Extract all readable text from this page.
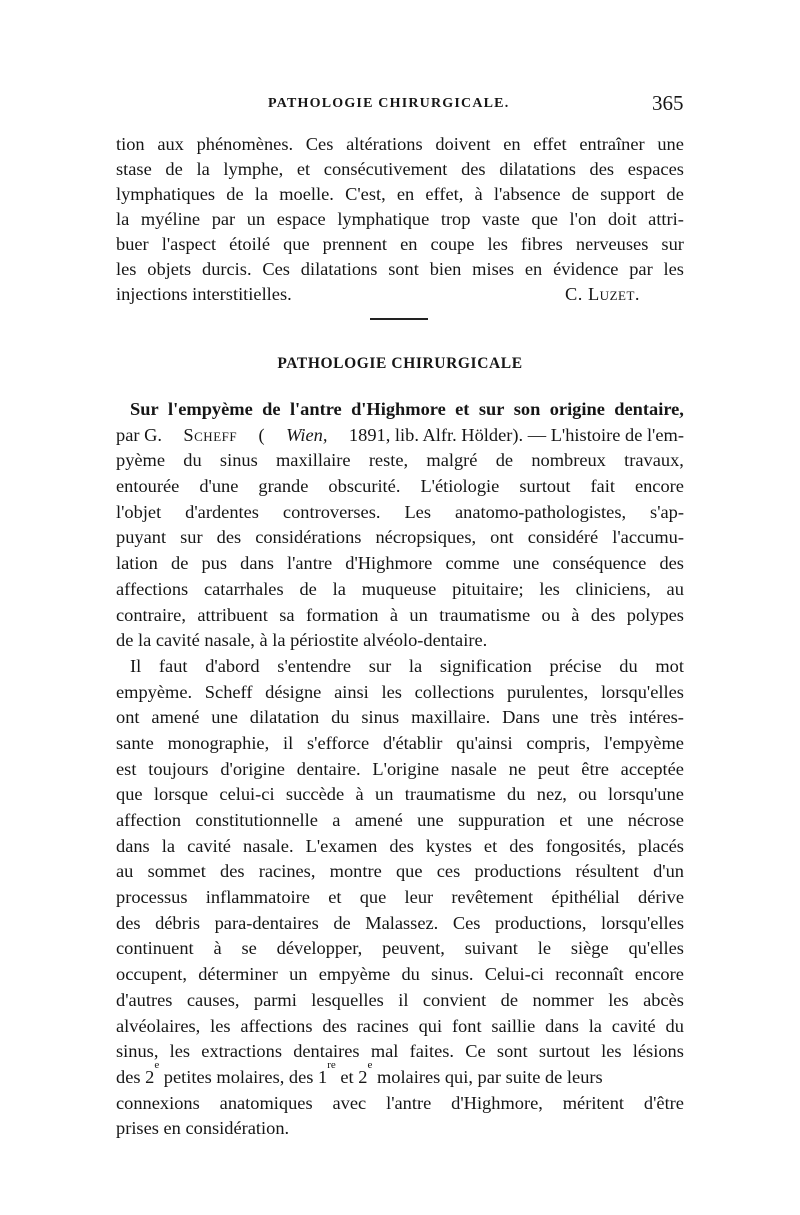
PATHOLOGIE CHIRURGICALE.	365
tion aux phénomènes. Ces altérations doivent en effet entraîner une
stase de la lymphe, et consécutivement des dilatations des espaces
lymphatiques de la moelle. C'est, en effet, à l'absence de support de
la myéline par un espace lymphatique trop vaste que l'on doit attri-
buer l'aspect étoilé que prennent en coupe les fibres nerveuses sur
les objets durcis. Ces dilatations sont bien mises en évidence par les
injections interstitielles.	C. Luzet.
PATHOLOGIE CHIRURGICALE
Sur l'empyème de l'antre d'Highmore et sur son origine dentaire,
par G. Scheff ( Wien, 1891, lib. Alfr. Hölder). — L'histoire de l'em-
pyème du sinus maxillaire reste, malgré de nombreux travaux,
entourée d'une grande obscurité. L'étiologie surtout fait encore
l'objet d'ardentes controverses. Les anatomo-pathologistes, s'ap-
puyant sur des considérations nécropsiques, ont considéré l'accumu-
lation de pus dans l'antre d'Highmore comme une conséquence des
affections catarrhales de la muqueuse pituitaire; les cliniciens, au
contraire, attribuent sa formation à un traumatisme ou à des polypes
de la cavité nasale, à la périostite alvéolo-dentaire.
Il faut d'abord s'entendre sur la signification précise du mot
empyème. Scheff désigne ainsi les collections purulentes, lorsqu'elles
ont amené une dilatation du sinus maxillaire. Dans une très intéres-
sante monographie, il s'efforce d'établir qu'ainsi compris, l'empyème
est toujours d'origine dentaire. L'origine nasale ne peut être acceptée
que lorsque celui-ci succède à un traumatisme du nez, ou lorsqu'une
affection constitutionnelle a amené une suppuration et une nécrose
dans la cavité nasale. L'examen des kystes et des fongosités, placés
au sommet des racines, montre que ces productions résultent d'un
processus inflammatoire et que leur revêtement épithélial dérive
des débris para-dentaires de Malassez. Ces productions, lorsqu'elles
continuent à se développer, peuvent, suivant le siège qu'elles
occupent, déterminer un empyème du sinus. Celui-ci reconnaît encore
d'autres causes, parmi lesquelles il convient de nommer les abcès
alvéolaires, les affections des racines qui font saillie dans la cavité du
sinus, les extractions dentaires mal faites. Ce sont surtout les lésions
des 2
e
petites molaires, des 1
re
et 2
e
molaires qui, par suite de leurs
connexions anatomiques avec l'antre d'Highmore, méritent d'être
prises en considération.
